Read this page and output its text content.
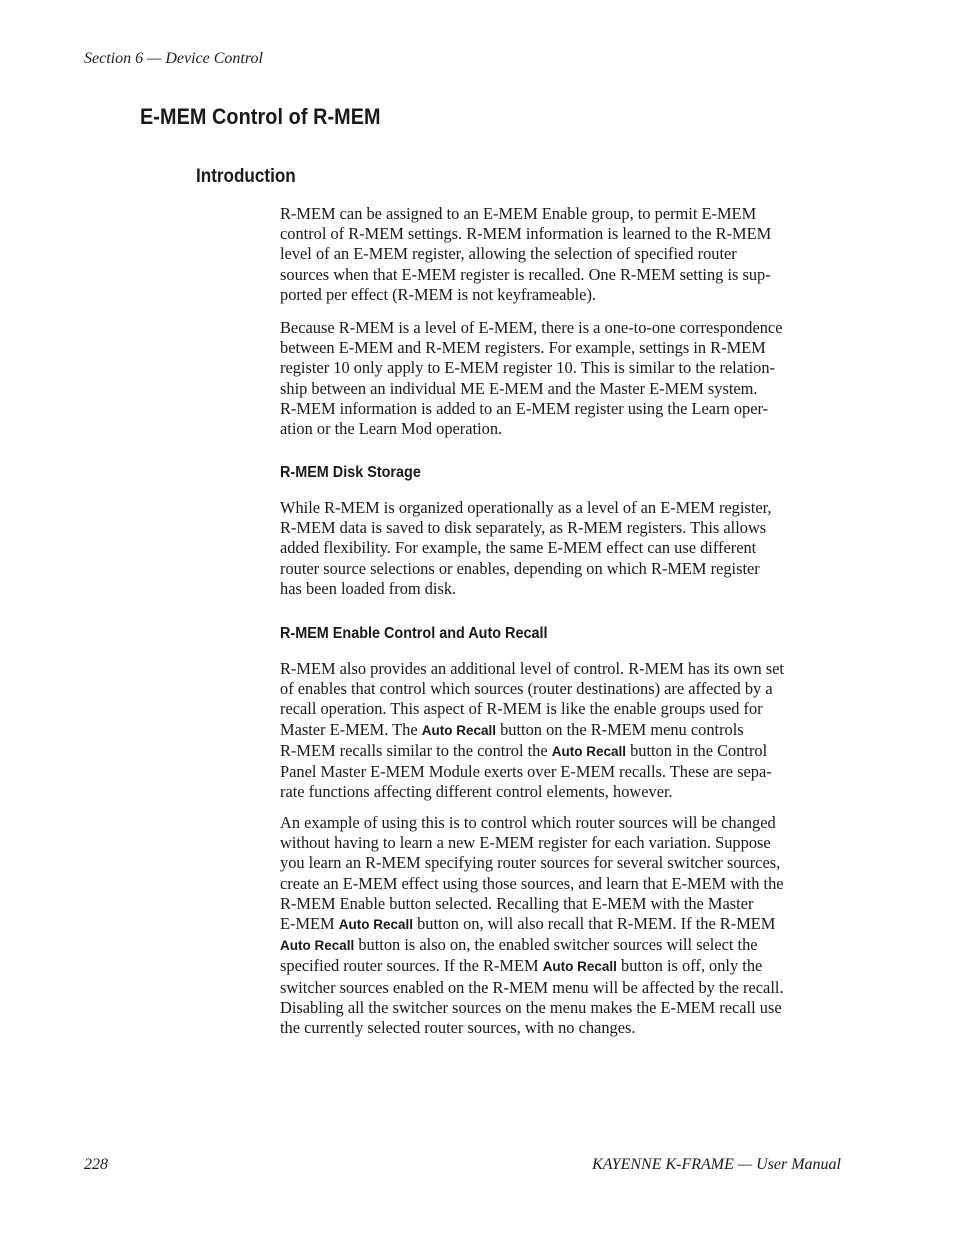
Section 6 — Device Control
E-MEM Control of R-MEM
Introduction

R-MEM can be assigned to an E-MEM Enable group, to permit E-MEM
control of R-MEM settings. R-MEM information is learned to the R-MEM
level of an E-MEM register, allowing the selection of specified router
sources when that E-MEM register is recalled. One R-MEM setting is sup-
ported per effect (R-MEM is not keyframeable).

Because R-MEM is a level of E-MEM, there is a one-to-one correspondence
between E-MEM and R-MEM registers. For example, settings in R-MEM
register 10 only apply to E-MEM register 10. This is similar to the relation-
ship between an individual ME E-MEM and the Master E-MEM system.
R-MEM information is added to an E-MEM register using the Learn oper-
ation or the Learn Mod operation.

R-MEM Disk Storage

While R-MEM is organized operationally as a level of an E-MEM register,
R-MEM data is saved to disk separately, as R-MEM registers. This allows
added flexibility. For example, the same E-MEM effect can use different
router source selections or enables, depending on which R-MEM register
has been loaded from disk.

R-MEM Enable Control and Auto Recall

R-MEM also provides an additional level of control. R-MEM has its own set
of enables that control which sources (router destinations) are affected by a
recall operation. This aspect of R-MEM is like the enable groups used for
Master E-MEM. The Auto Recall button on the R-MEM menu controls
R-MEM recalls similar to the control the Auto Recall button in the Control
Panel Master E-MEM Module exerts over E-MEM recalls. These are sepa-
rate functions affecting different control elements, however.

An example of using this is to control which router sources will be changed
without having to learn a new E-MEM register for each variation. Suppose
you learn an R-MEM specifying router sources for several switcher sources,
create an E-MEM effect using those sources, and learn that E-MEM with the
R-MEM Enable button selected. Recalling that E-MEM with the Master
E-MEM Auto Recall button on, will also recall that R-MEM. If the R-MEM
Auto Recall button is also on, the enabled switcher sources will select the
specified router sources. If the R-MEM Auto Recall button is off, only the
switcher sources enabled on the R-MEM menu will be affected by the recall.
Disabling all the switcher sources on the menu makes the E-MEM recall use
the currently selected router sources, with no changes.

228	KAYENNE K-FRAME — User Manual
